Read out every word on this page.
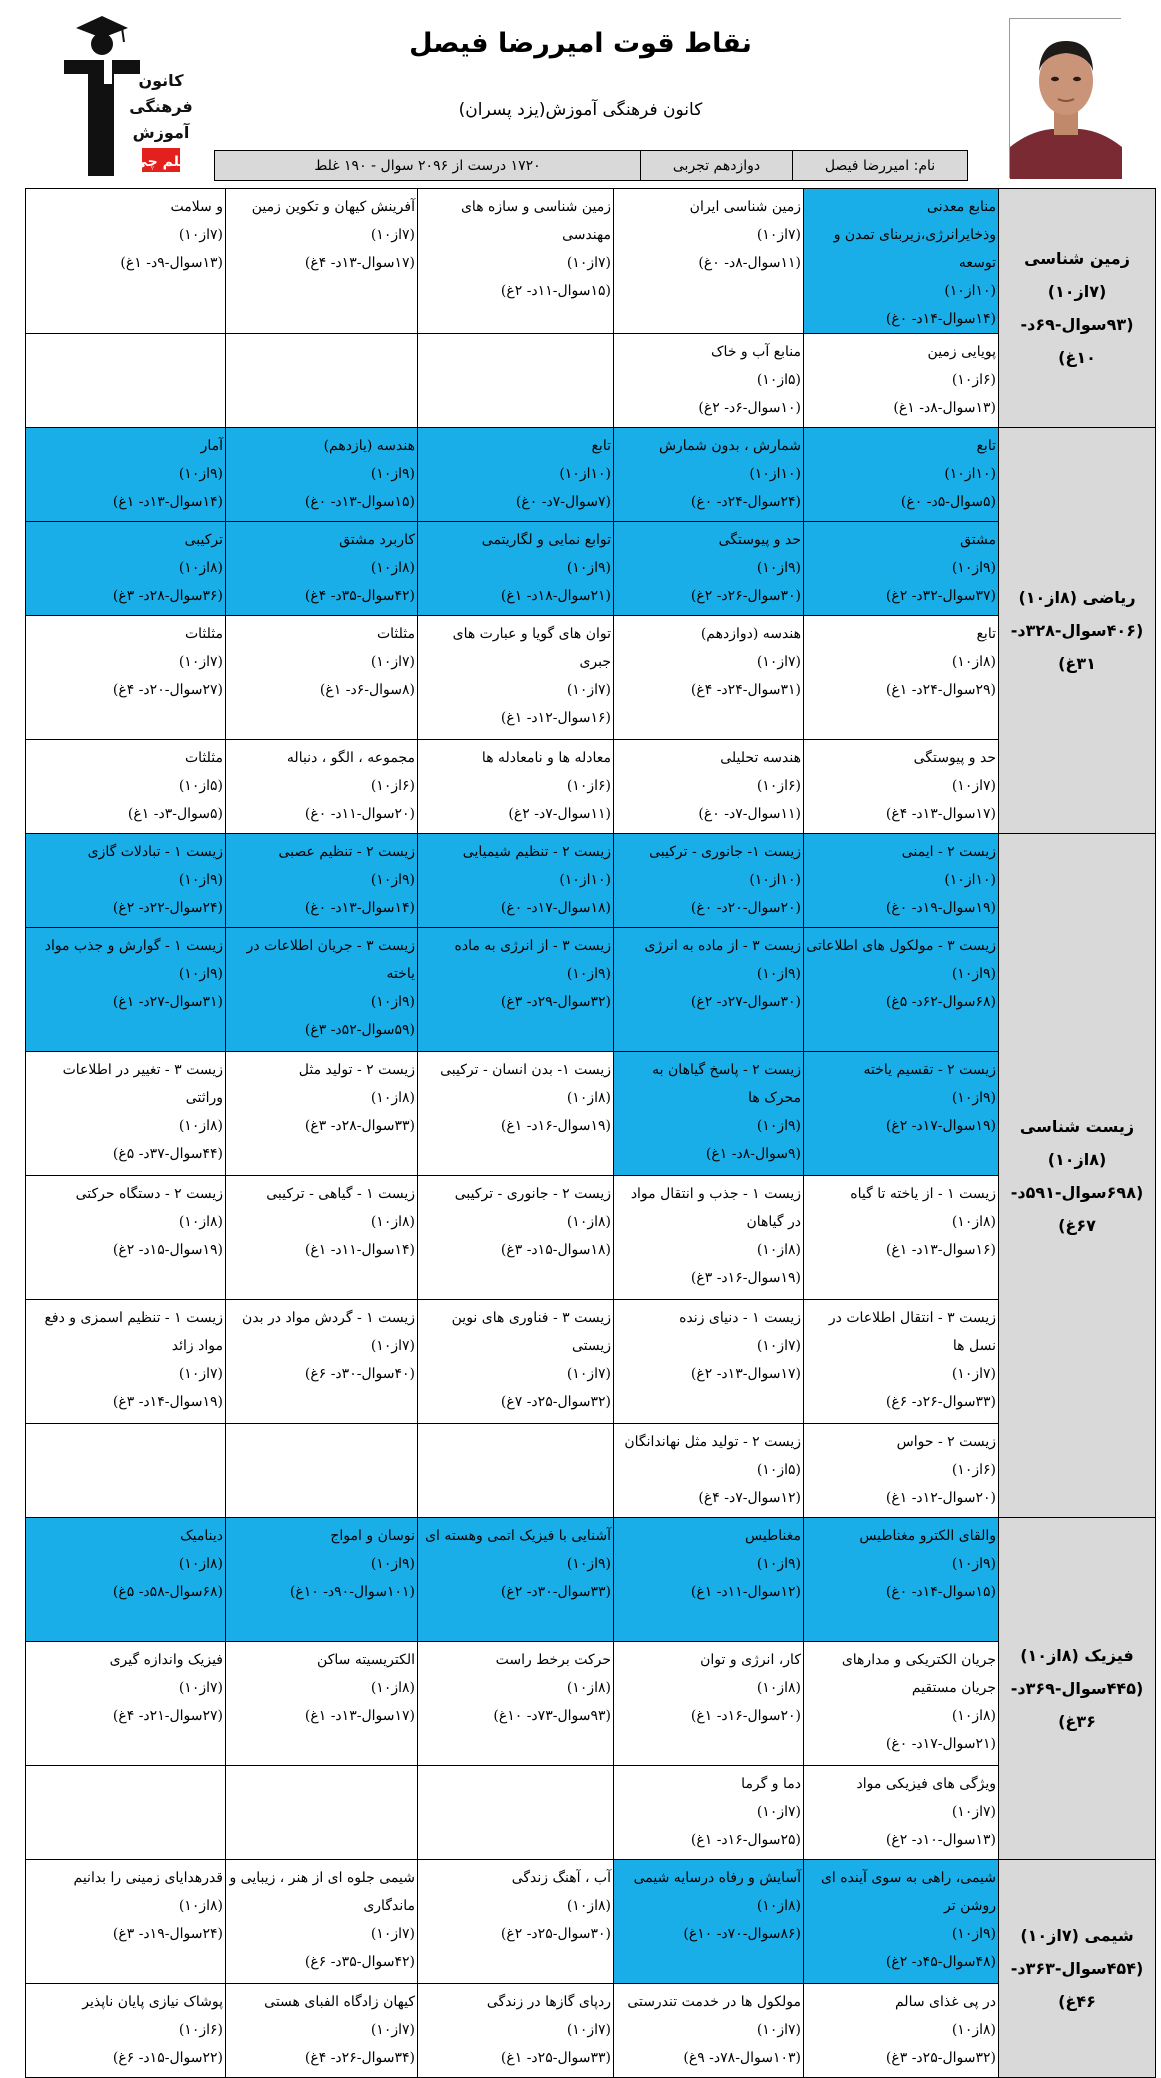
کانون
فرهنگی
آموزش
قلم چی
نقاط قوت امیررضا فیصل
کانون فرهنگی آموزش(یزد پسران)
نام: امیررضا فیصل
دوازدهم تجربی
۱۷۲۰ درست از ۲۰۹۶ سوال - ۱۹۰ غلط
زمین شناسی (۷از۱۰)
(۹۳سوال-۶۹د- ۱۰غ)	منابع معدنی وذخایرانرژی،زیربنای تمدن و توسعه
(۱۰از۱۰)
(۱۴سوال-۱۴د- ۰غ)	زمین شناسی ایران
(۷از۱۰)
(۱۱سوال-۸د- ۰غ)	زمین شناسی و سازه های مهندسی
(۷از۱۰)
(۱۵سوال-۱۱د- ۲غ)	آفرینش کیهان و تکوین زمین
(۷از۱۰)
(۱۷سوال-۱۳د- ۴غ)	و سلامت
(۷از۱۰)
(۱۳سوال-۹د- ۱غ)

	پویایی زمین
(۶از۱۰)
(۱۳سوال-۸د- ۱غ)	منابع آب و خاک
(۵از۱۰)
(۱۰سوال-۶د- ۲غ)			

ریاضی (۸از۱۰)
(۴۰۶سوال-۳۲۸د-
۳۱غ)	تابع
(۱۰از۱۰)
(۵سوال-۵د- ۰غ)	شمارش ، بدون شمارش
(۱۰از۱۰)
(۲۴سوال-۲۴د- ۰غ)	تابع
(۱۰از۱۰)
(۷سوال-۷د- ۰غ)	هندسه (یازدهم)
(۹از۱۰)
(۱۵سوال-۱۳د- ۰غ)	آمار
(۹از۱۰)
(۱۴سوال-۱۳د- ۱غ)

	مشتق
(۹از۱۰)
(۳۷سوال-۳۲د- ۲غ)	حد و پیوستگی
(۹از۱۰)
(۳۰سوال-۲۶د- ۲غ)	توابع نمایی و لگاریتمی
(۹از۱۰)
(۲۱سوال-۱۸د- ۱غ)	کاربرد مشتق
(۸از۱۰)
(۴۲سوال-۳۵د- ۴غ)	ترکیبی
(۸از۱۰)
(۳۶سوال-۲۸د- ۳غ)

	تابع
(۸از۱۰)
(۲۹سوال-۲۴د- ۱غ)	هندسه (دوازدهم)
(۷از۱۰)
(۳۱سوال-۲۴د- ۴غ)	توان های گویا و عبارت های جبری
(۷از۱۰)
(۱۶سوال-۱۲د- ۱غ)	مثلثات
(۷از۱۰)
(۸سوال-۶د- ۱غ)	مثلثات
(۷از۱۰)
(۲۷سوال-۲۰د- ۴غ)

	حد و پیوستگی
(۷از۱۰)
(۱۷سوال-۱۳د- ۴غ)	هندسه تحلیلی
(۶از۱۰)
(۱۱سوال-۷د- ۰غ)	معادله ها و نامعادله ها
(۶از۱۰)
(۱۱سوال-۷د- ۲غ)	مجموعه ، الگو ، دنباله
(۶از۱۰)
(۲۰سوال-۱۱د- ۰غ)	مثلثات
(۵از۱۰)
(۵سوال-۳د- ۱غ)

زیست شناسی (۸از۱۰)
(۶۹۸سوال-۵۹۱د-
۶۷غ)	زیست ۲ - ایمنی
(۱۰از۱۰)
(۱۹سوال-۱۹د- ۰غ)	زیست ۱- جانوری - ترکیبی
(۱۰از۱۰)
(۲۰سوال-۲۰د- ۰غ)	زیست ۲ - تنظیم شیمیایی
(۱۰از۱۰)
(۱۸سوال-۱۷د- ۰غ)	زیست ۲ - تنظیم عصبی
(۹از۱۰)
(۱۴سوال-۱۳د- ۰غ)	زیست ۱ - تبادلات گازی
(۹از۱۰)
(۲۴سوال-۲۲د- ۲غ)

	زیست ۳ - مولکول های اطلاعاتی
(۹از۱۰)
(۶۸سوال-۶۲د- ۵غ)	زیست ۳ - از ماده به انرژی
(۹از۱۰)
(۳۰سوال-۲۷د- ۲غ)	زیست ۳ - از انرژی به ماده
(۹از۱۰)
(۳۲سوال-۲۹د- ۳غ)	زیست ۳ - جریان اطلاعات در یاخته
(۹از۱۰)
(۵۹سوال-۵۲د- ۳غ)	زیست ۱ - گوارش و جذب مواد
(۹از۱۰)
(۳۱سوال-۲۷د- ۱غ)

	زیست ۲ - تقسیم یاخته
(۹از۱۰)
(۱۹سوال-۱۷د- ۲غ)	زیست ۲ - پاسخ گیاهان به محرک ها
(۹از۱۰)
(۹سوال-۸د- ۱غ)	زیست ۱- بدن انسان - ترکیبی
(۸از۱۰)
(۱۹سوال-۱۶د- ۱غ)	زیست ۲ - تولید مثل
(۸از۱۰)
(۳۳سوال-۲۸د- ۳غ)	زیست ۳ - تغییر در اطلاعات وراثتی
(۸از۱۰)
(۴۴سوال-۳۷د- ۵غ)

	زیست ۱ - از یاخته تا گیاه
(۸از۱۰)
(۱۶سوال-۱۳د- ۱غ)	زیست ۱ - جذب و انتقال مواد در گیاهان
(۸از۱۰)
(۱۹سوال-۱۶د- ۳غ)	زیست ۲ - جانوری - ترکیبی
(۸از۱۰)
(۱۸سوال-۱۵د- ۳غ)	زیست ۱ - گیاهی - ترکیبی
(۸از۱۰)
(۱۴سوال-۱۱د- ۱غ)	زیست ۲ - دستگاه حرکتی
(۸از۱۰)
(۱۹سوال-۱۵د- ۲غ)

	زیست ۳ - انتقال اطلاعات در نسل ها
(۷از۱۰)
(۳۳سوال-۲۶د- ۶غ)	زیست ۱ - دنیای زنده
(۷از۱۰)
(۱۷سوال-۱۳د- ۲غ)	زیست ۳ - فناوری های نوین زیستی
(۷از۱۰)
(۳۲سوال-۲۵د- ۷غ)	زیست ۱ - گردش مواد در بدن
(۷از۱۰)
(۴۰سوال-۳۰د- ۶غ)	زیست ۱ - تنظیم اسمزی و دفع مواد زائد
(۷از۱۰)
(۱۹سوال-۱۴د- ۳غ)

	زیست ۲ - حواس
(۶از۱۰)
(۲۰سوال-۱۲د- ۱غ)	زیست ۲ - تولید مثل نهاندانگان
(۵از۱۰)
(۱۲سوال-۷د- ۴غ)			

فیزیک (۸از۱۰)
(۴۴۵سوال-۳۶۹د-
۳۶غ)	والقای الکترو مغناطیس
(۹از۱۰)
(۱۵سوال-۱۴د- ۰غ)	مغناطیس
(۹از۱۰)
(۱۲سوال-۱۱د- ۱غ)	آشنایی با فیزیک اتمی وهسته ای
(۹از۱۰)
(۳۳سوال-۳۰د- ۲غ)	نوسان و امواج
(۹از۱۰)
(۱۰۱سوال-۹۰د- ۱۰غ)	دینامیک
(۸از۱۰)
(۶۸سوال-۵۸د- ۵غ)

	جریان الکتریکی و مدارهای جریان مستقیم
(۸از۱۰)
(۲۱سوال-۱۷د- ۰غ)	کار، انرژی و توان
(۸از۱۰)
(۲۰سوال-۱۶د- ۱غ)	حرکت برخط راست
(۸از۱۰)
(۹۳سوال-۷۳د- ۱۰غ)	الکتریسیته ساکن
(۸از۱۰)
(۱۷سوال-۱۳د- ۱غ)	فیزیک واندازه گیری
(۷از۱۰)
(۲۷سوال-۲۱د- ۴غ)

	ویژگی های فیزیکی مواد
(۷از۱۰)
(۱۳سوال-۱۰د- ۲غ)	دما و گرما
(۷از۱۰)
(۲۵سوال-۱۶د- ۱غ)			

شیمی (۷از۱۰)
(۴۵۴سوال-۳۶۳د-
۴۶غ)	شیمی، راهی به سوی آینده ای روشن تر
(۹از۱۰)
(۴۸سوال-۴۵د- ۲غ)	آسایش و رفاه درسایه شیمی
(۸از۱۰)
(۸۶سوال-۷۰د- ۱۰غ)	آب ، آهنگ زندگی
(۸از۱۰)
(۳۰سوال-۲۵د- ۲غ)	شیمی جلوه ای از هنر ، زیبایی و ماندگاری
(۷از۱۰)
(۴۲سوال-۳۵د- ۶غ)	قدرهدایای زمینی را بدانیم
(۸از۱۰)
(۲۴سوال-۱۹د- ۳غ)

	در پی غذای سالم
(۸از۱۰)
(۳۲سوال-۲۵د- ۳غ)	مولکول ها در خدمت تندرستی
(۷از۱۰)
(۱۰۳سوال-۷۸د- ۹غ)	ردپای گازها در زندگی
(۷از۱۰)
(۳۳سوال-۲۵د- ۱غ)	کیهان زادگاه الفبای هستی
(۷از۱۰)
(۳۴سوال-۲۶د- ۴غ)	پوشاک نیازی پایان ناپذیر
(۶از۱۰)
(۲۲سوال-۱۵د- ۶غ)
